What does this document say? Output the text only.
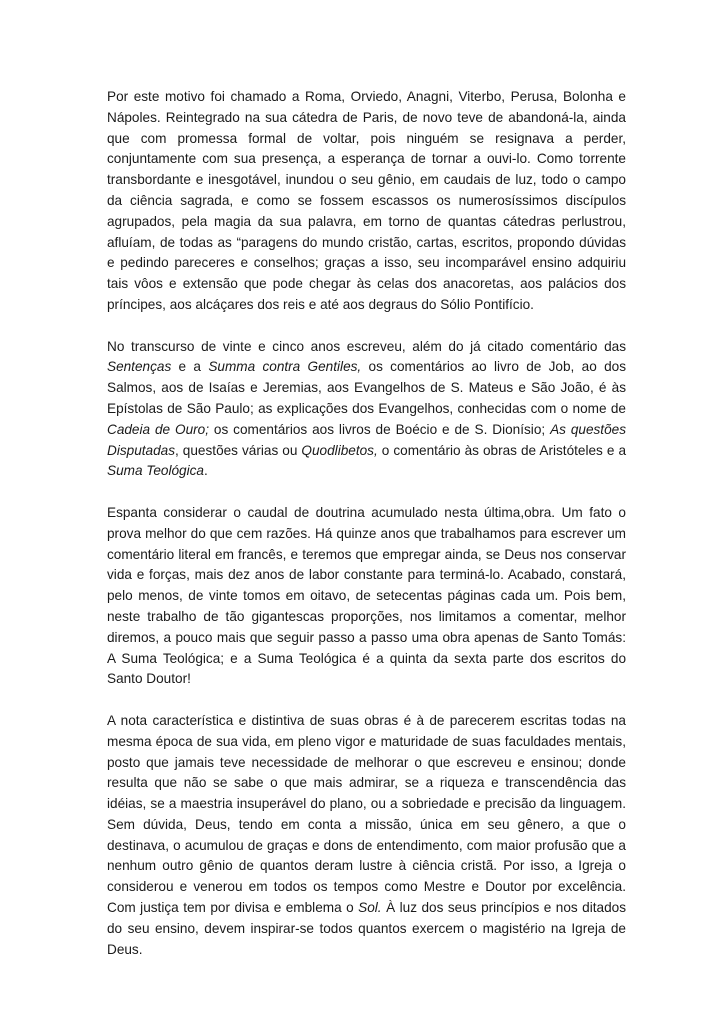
Por este motivo foi chamado a Roma, Orviedo, Anagni, Viterbo, Perusa, Bolonha e Nápoles. Reintegrado na sua cátedra de Paris, de novo teve de abandoná-la, ainda que com promessa formal de voltar, pois ninguém se resignava a perder, conjuntamente com sua presença, a esperança de tornar a ouvi-lo. Como torrente transbordante e inesgotável, inundou o seu gênio, em caudais de luz, todo o campo da ciência sagrada, e como se fossem escassos os numerosíssimos discípulos agrupados, pela magia da sua palavra, em torno de quantas cátedras perlustrou, afluíam, de todas as “paragens do mundo cristão, cartas, escritos, propondo dúvidas e pedindo pareceres e conselhos; graças a isso, seu incomparável ensino adquiriu tais vôos e extensão que pode chegar às celas dos anacoretas, aos palácios dos príncipes, aos alcáçares dos reis e até aos degraus do Sólio Pontifício.

No transcurso de vinte e cinco anos escreveu, além do já citado comentário das Sentenças e a Summa contra Gentiles, os comentários ao livro de Job, ao dos Salmos, aos de Isaías e Jeremias, aos Evangelhos de S. Mateus e São João, é às Epístolas de São Paulo; as explicações dos Evangelhos, conhecidas com o nome de Cadeia de Ouro; os comentários aos livros de Boécio e de S. Dionísio; As questões Disputadas, questões várias ou Quodlibetos, o comentário às obras de Aristóteles e a Suma Teológica.

Espanta considerar o caudal de doutrina acumulado nesta última,obra. Um fato o prova melhor do que cem razões. Há quinze anos que trabalhamos para escrever um comentário literal em francês, e teremos que empregar ainda, se Deus nos conservar vida e forças, mais dez anos de labor constante para terminá-lo. Acabado, constará, pelo menos, de vinte tomos em oitavo, de setecentas páginas cada um. Pois bem, neste trabalho de tão gigantescas proporções, nos limitamos a comentar, melhor diremos, a pouco mais que seguir passo a passo uma obra apenas de Santo Tomás: A Suma Teológica; e a Suma Teológica é a quinta da sexta parte dos escritos do Santo Doutor!

A nota característica e distintiva de suas obras é à de parecerem escritas todas na mesma época de sua vida, em pleno vigor e maturidade de suas faculdades mentais, posto que jamais teve necessidade de melhorar o que escreveu e ensinou; donde resulta que não se sabe o que mais admirar, se a riqueza e transcendência das idéias, se a maestria insuperável do plano, ou a sobriedade e precisão da linguagem. Sem dúvida, Deus, tendo em conta a missão, única em seu gênero, a que o destinava, o acumulou de graças e dons de entendimento, com maior profusão que a nenhum outro gênio de quantos deram lustre à ciência cristã. Por isso, a Igreja o considerou e venerou em todos os tempos como Mestre e Doutor por excelência. Com justiça tem por divisa e emblema o Sol. À luz dos seus princípios e nos ditados do seu ensino, devem inspirar-se todos quantos exercem o magistério na Igreja de Deus.
